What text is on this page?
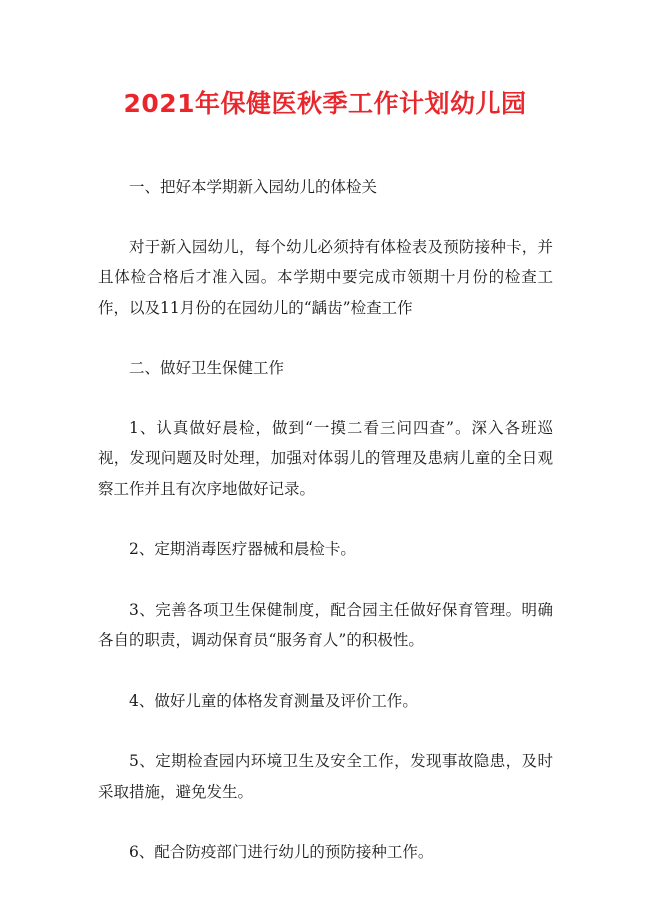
2021年保健医秋季工作计划幼儿园

一、把好本学期新入园幼儿的体检关

对于新入园幼儿，每个幼儿必须持有体检表及预防接种卡，并且体检合格后才准入园。本学期中要完成市领期十月份的检查工作，以及11月份的在园幼儿的“龋齿”检查工作

二、做好卫生保健工作

1、认真做好晨检，做到“一摸二看三问四查”。深入各班巡视，发现问题及时处理，加强对体弱儿的管理及患病儿童的全日观察工作并且有次序地做好记录。

2、定期消毒医疗器械和晨检卡。

3、完善各项卫生保健制度，配合园主任做好保育管理。明确各自的职责，调动保育员“服务育人”的积极性。

4、做好儿童的体格发育测量及评价工作。

5、定期检查园内环境卫生及安全工作，发现事故隐患，及时采取措施，避免发生。

6、配合防疫部门进行幼儿的预防接种工作。
